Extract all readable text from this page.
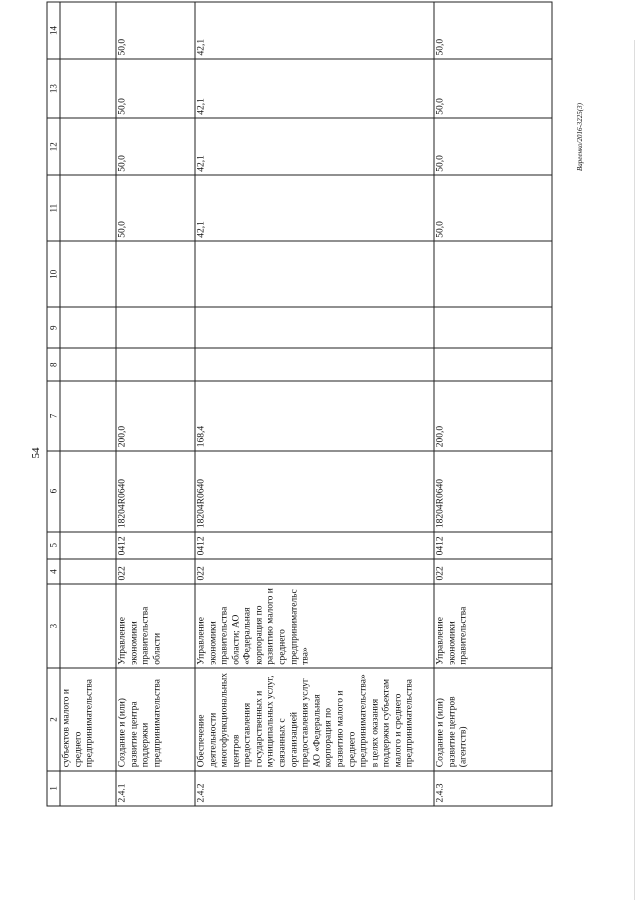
54
Вареенко/2016-3225(3)
1	2	3	4	5	6	7	8	9	10	11	12	13	14
	субъектов малого и среднего предпринимательства												
2.4.1	Создание и (или) развитие центра поддержки предпринимательства	Управление экономики правительства области	022	0412	18204R0640	200,0				50,0	50,0	50,0	50,0
2.4.2	Обеспечение деятельности многофункциональных центров предоставления государственных и муниципальных услуг, связанных с организацией предоставления услуг АО «Федеральная корпорация по развитию малого и среднего предпринимательства» в целях оказания поддержки субъектам малого и среднего предпринимательства	Управление экономики правительства области; АО «Федеральная корпорация по развитию малого и среднего предпринимательства»	022	0412	18204R0640	168,4				42,1	42,1	42,1	42,1
2.4.3	Создание и (или) развитие центров (агентств)	Управление экономики правительства	022	0412	18204R0640	200,0				50,0	50,0	50,0	50,0
